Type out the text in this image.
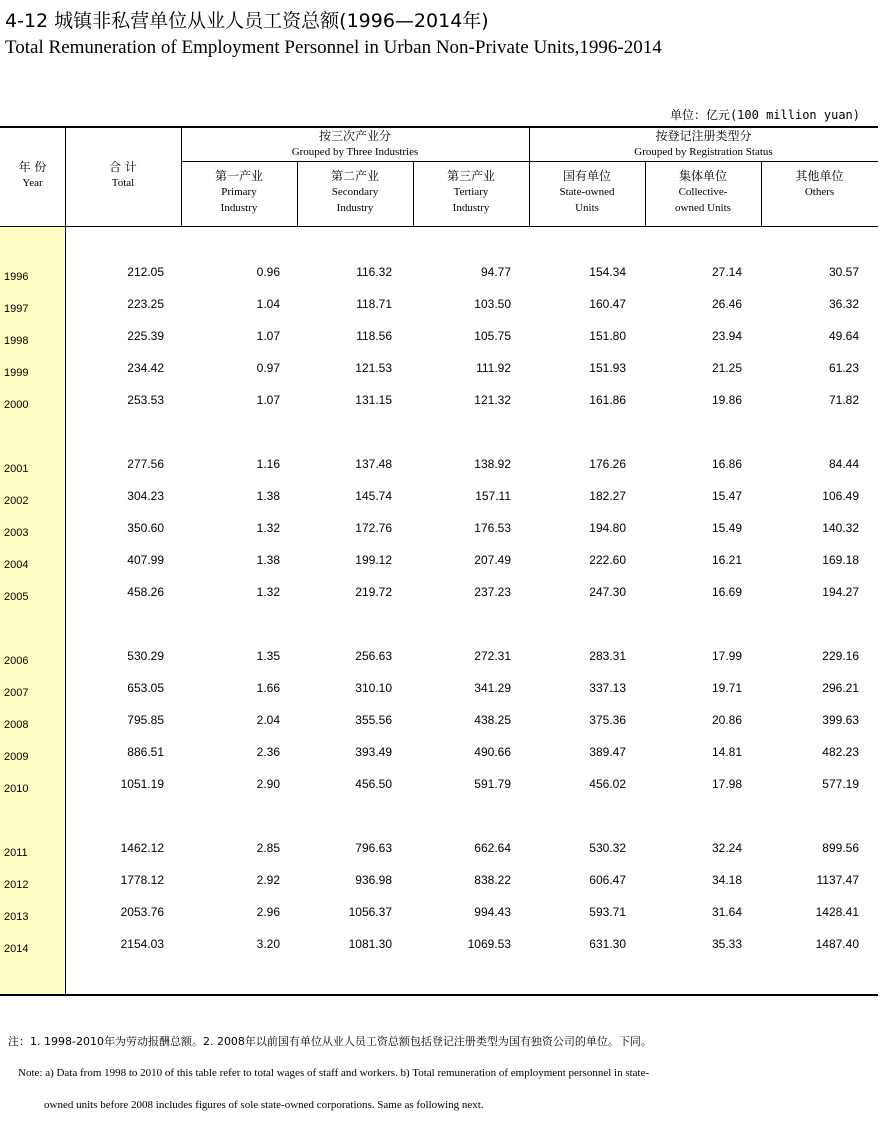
4-12 城镇非私营单位从业人员工资总额(1996—2014年)
Total Remuneration of Employment Personnel in Urban Non-Private Units,1996-2014
单位：亿元(100 million yuan)
年 份
Year
合 计
Total
按三次产业分
Grouped by Three Industries
按登记注册类型分
Grouped by Registration Status
第一产业
Primary
Industry
第二产业
Secondary
Industry
第三产业
Tertiary
Industry
国有单位
State-owned
Units
集体单位
Collective-
owned Units
其他单位
Others
1996	212.05	0.96	116.32	94.77	154.34	27.14	30.57
1997	223.25	1.04	118.71	103.50	160.47	26.46	36.32
1998	225.39	1.07	118.56	105.75	151.80	23.94	49.64
1999	234.42	0.97	121.53	111.92	151.93	21.25	61.23
2000	253.53	1.07	131.15	121.32	161.86	19.86	71.82
2001	277.56	1.16	137.48	138.92	176.26	16.86	84.44
2002	304.23	1.38	145.74	157.11	182.27	15.47	106.49
2003	350.60	1.32	172.76	176.53	194.80	15.49	140.32
2004	407.99	1.38	199.12	207.49	222.60	16.21	169.18
2005	458.26	1.32	219.72	237.23	247.30	16.69	194.27
2006	530.29	1.35	256.63	272.31	283.31	17.99	229.16
2007	653.05	1.66	310.10	341.29	337.13	19.71	296.21
2008	795.85	2.04	355.56	438.25	375.36	20.86	399.63
2009	886.51	2.36	393.49	490.66	389.47	14.81	482.23
2010	1051.19	2.90	456.50	591.79	456.02	17.98	577.19
2011	1462.12	2.85	796.63	662.64	530.32	32.24	899.56
2012	1778.12	2.92	936.98	838.22	606.47	34.18	1137.47
2013	2053.76	2.96	1056.37	994.43	593.71	31.64	1428.41
2014	2154.03	3.20	1081.30	1069.53	631.30	35.33	1487.40
注：1. 1998-2010年为劳动报酬总额。2. 2008年以前国有单位从业人员工资总额包括登记注册类型为国有独资公司的单位。下同。
Note: a) Data from 1998 to 2010 of this table refer to total wages of staff and workers. b) Total remuneration of employment personnel in state-
owned units before 2008 includes figures of sole state-owned corporations. Same as following next.
